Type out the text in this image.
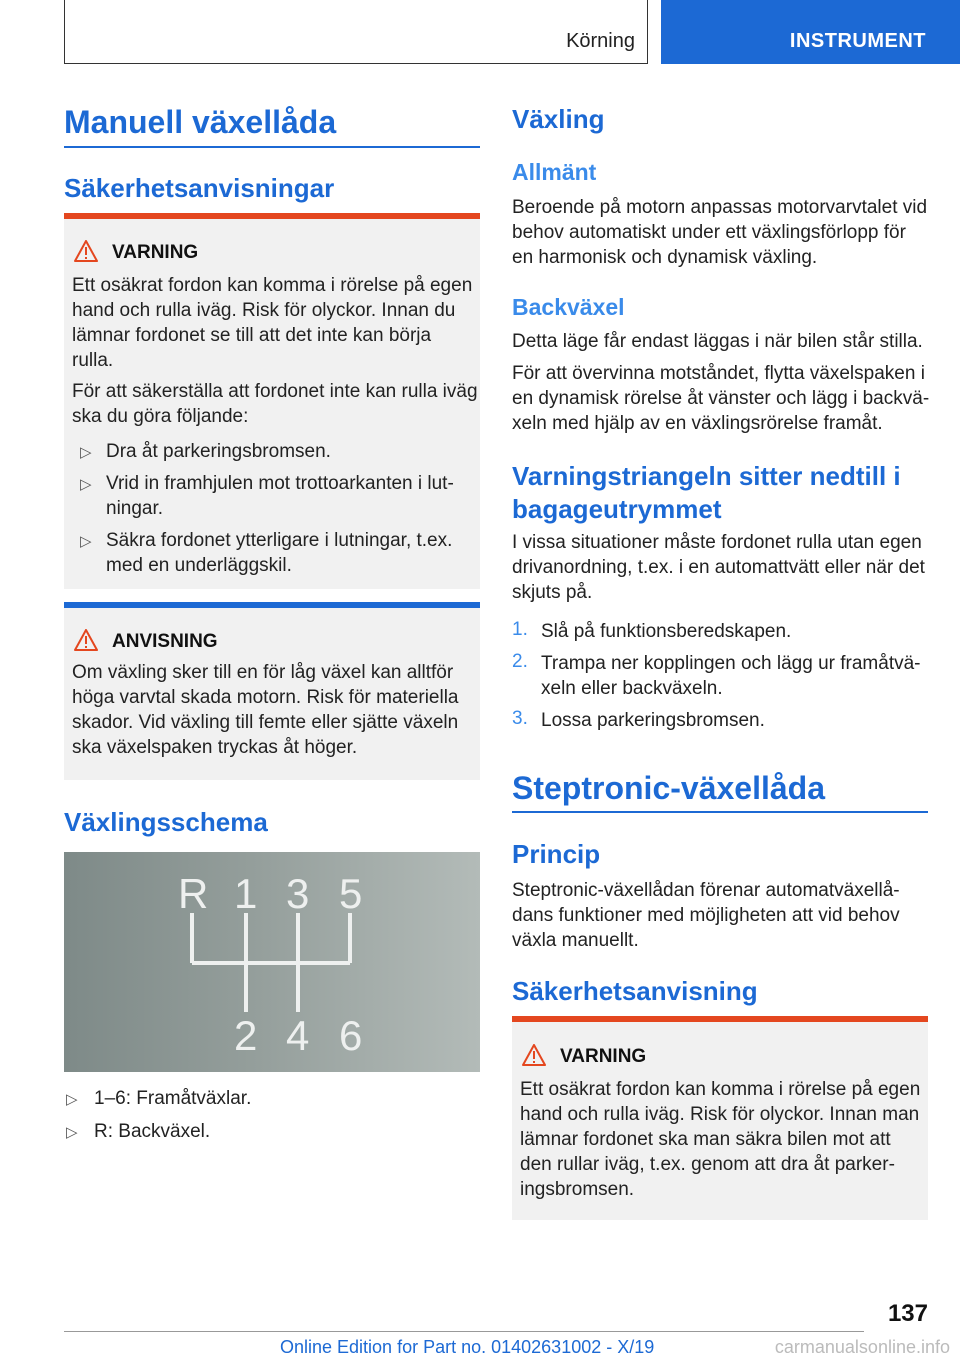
Körning	INSTRUMENT
Manuell växellåda
Säkerhetsanvisningar
VARNING
Ett osäkrat fordon kan komma i rörelse på egen
hand och rulla iväg. Risk för olyckor. Innan du
lämnar fordonet se till att det inte kan börja
rulla.
För att säkerställa att fordonet inte kan rulla iväg
ska du göra följande:
▷ Dra åt parkeringsbromsen.
▷ Vrid in framhjulen mot trottoarkanten i lut-
ningar.
▷ Säkra fordonet ytterligare i lutningar, t.ex.
med en underläggskil.
ANVISNING
Om växling sker till en för låg växel kan alltför
höga varvtal skada motorn. Risk för materiella
skador. Vid växling till femte eller sjätte växeln
ska växelspaken tryckas åt höger.
Växlingsschema
R 1 3 5
2 4 6
▷ 1–6: Framåtväxlar.
▷ R: Backväxel.
Växling
Allmänt
Beroende på motorn anpassas motorvarvtalet vid
behov automatiskt under ett växlingsförlopp för
en harmonisk och dynamisk växling.
Backväxel
Detta läge får endast läggas i när bilen står stilla.
För att övervinna motståndet, flytta växelspaken i
en dynamisk rörelse åt vänster och lägg i backvä-
xeln med hjälp av en växlingsrörelse framåt.
Varningstriangeln sitter nedtill i
bagageutrymmet
I vissa situationer måste fordonet rulla utan egen
drivanordning, t.ex. i en automattvätt eller när det
skjuts på.
1. Slå på funktionsberedskapen.
2. Trampa ner kopplingen och lägg ur framåtvä-
xeln eller backväxeln.
3. Lossa parkeringsbromsen.
Steptronic-växellåda
Princip
Steptronic-växellådan förenar automatväxellå-
dans funktioner med möjligheten att vid behov
växla manuellt.
Säkerhetsanvisning
VARNING
Ett osäkrat fordon kan komma i rörelse på egen
hand och rulla iväg. Risk för olyckor. Innan man
lämnar fordonet ska man säkra bilen mot att
den rullar iväg, t.ex. genom att dra åt parker-
ingsbromsen.
137
Online Edition for Part no. 01402631002 - X/19	carmanualsonline.info
